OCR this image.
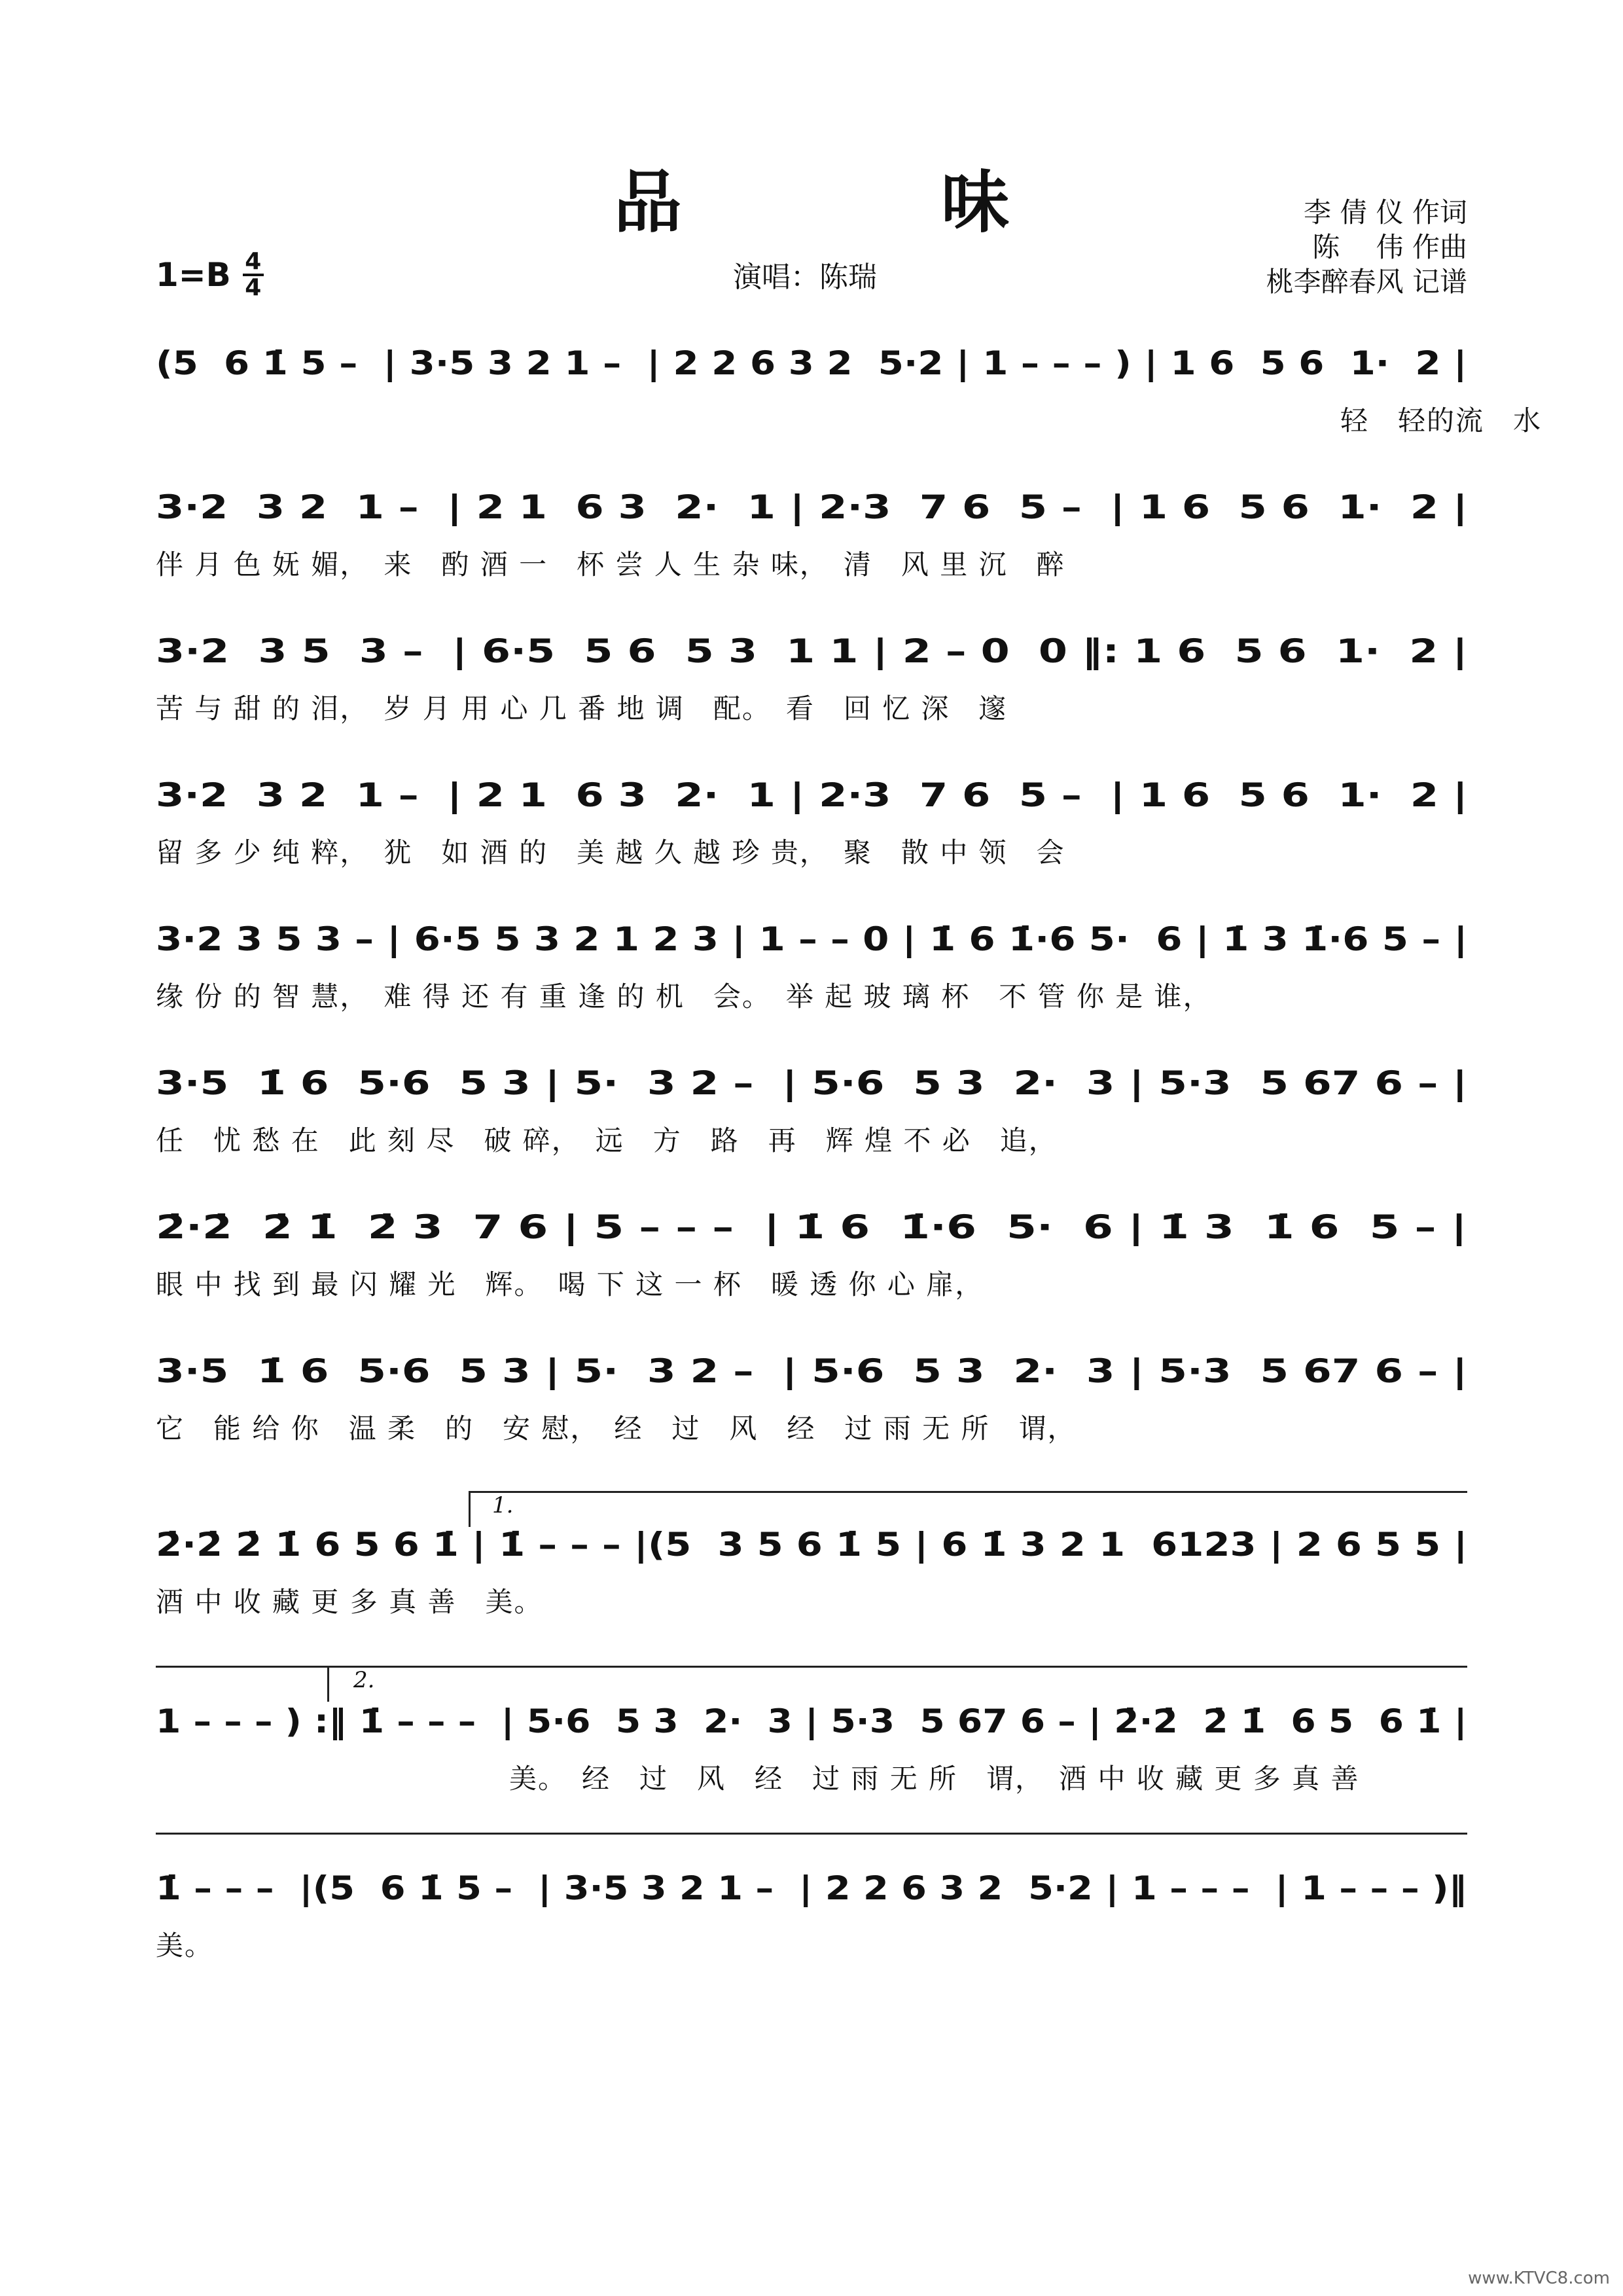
品 味
1=B 4
4	演唱：陈瑞
李 倩 仪 作词
陈　 伟 作曲
桃李醉春风 记谱
(5  6 1̇ 5 –  | 3·5 3 2 1 –  | 2 2 6 3 2  5·2 | 1 – – – ) | 1 6  5 6  1·  2 |
轻　轻的流　水
3·2  3 2  1 –  | 2 1  6 3  2·  1 | 2·3  7 6  5 –  | 1 6  5 6  1·  2 |
伴 月 色 妩 媚，　来　酌 酒 一　杯 尝 人 生 杂 味，　清　风 里 沉　醉
3·2  3 5  3 –  | 6·5  5 6  5 3  1 1 | 2 – 0  0 ‖: 1 6  5 6  1·  2 |
苦 与 甜 的 泪，　岁 月 用 心 几 番 地 调　配。　看　回 忆 深　邃
3·2  3 2  1 –  | 2 1  6 3  2·  1 | 2·3  7 6  5 –  | 1 6  5 6  1·  2 |
留 多 少 纯 粹，　犹　如 酒 的　美 越 久 越 珍 贵，　聚　散 中 领　会
3·2 3 5 3 – | 6·5 5 3 2 1 2 3 | 1 – – 0 | 1̇ 6 1̇·6 5·  6 | 1̇ 3 1̇·6 5 – |
缘 份 的 智 慧，　难 得 还 有 重 逢 的 机　会。　举 起 玻 璃 杯　不 管 你 是 谁，
3·5  1̇ 6  5·6  5 3 | 5·  3 2 –  | 5·6  5 3  2·  3 | 5·3  5 67 6 – |
任　忧 愁 在　此 刻 尽　破 碎，　远　方　路　再　辉 煌 不 必　追，
2̇·2̇  2̇ 1̇  2̇ 3  7 6 | 5 – – –  | 1̇ 6  1̇·6  5·  6 | 1̇ 3  1̇ 6  5 – |
眼 中 找 到 最 闪 耀 光　辉。　喝 下 这 一 杯　暖 透 你 心 扉，
3·5  1̇ 6  5·6  5 3 | 5·  3 2 –  | 5·6  5 3  2·  3 | 5·3  5 67 6 – |
它　能 给 你　温 柔　的　安 慰，　经　过　风　经　过 雨 无 所　谓，
1.
2̇·2̇ 2̇ 1̇ 6 5 6 1̇ | 1̇ – – – |(5  3 5 6 1̇ 5 | 6 1̇ 3 2 1  6123 | 2 6 5 5 |
酒 中 收 藏 更 多 真 善　美。
2.
1 – – – ) :‖ 1̇ – – –  | 5·6  5 3  2·  3 | 5·3  5 67 6 – | 2̇·2̇  2̇ 1̇  6 5  6 1̇ |
美。　经　过　风　经　过 雨 无 所　谓，　酒 中 收 藏 更 多 真 善
1̇ – – –  |(5  6 1̇ 5 –  | 3·5 3 2 1 –  | 2 2 6 3 2  5·2 | 1 – – –  | 1 – – – )‖
美。
www.KTVC8.com
